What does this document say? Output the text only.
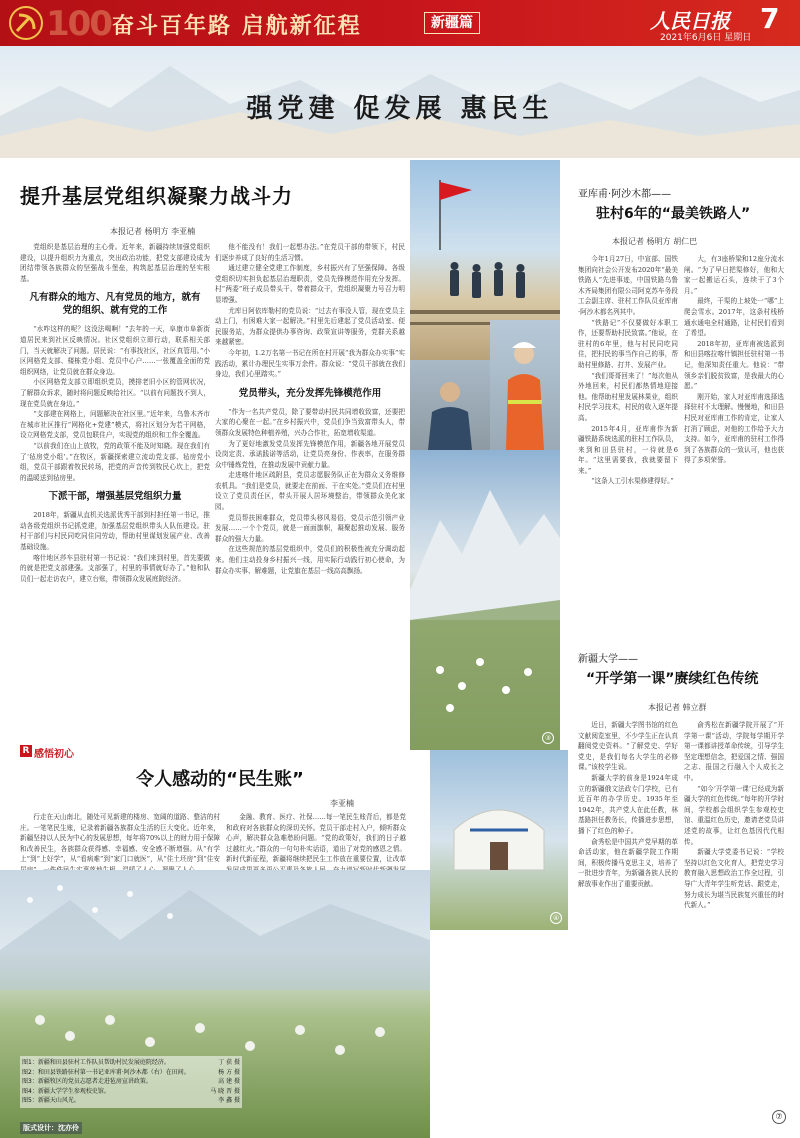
100 奋斗百年路 启航新征程	新疆篇	人民日报 7
2021年6月6日 星期日
强党建 促发展 惠民生
提升基层党组织凝聚力战斗力
本报记者 杨明方 李亚楠

党组织是基层治理的主心骨。近年来，新疆持续加强党组织建设，以提升组织力为重点，突出政治功能，把党支部建设成为团结带领各族群众的坚强战斗堡垒，构筑起基层治理的坚实根基。

凡有群众的地方、凡有党员的地方，就有党的组织、就有党的工作

“水咋这样的呢？这没法喝啊！”去年的一天，阜康市阜新街道居民来到社区反映情况。社区党组织立即行动，联系相关部门，当天就解决了问题。居民说：“有事找社区，社区真管用。”小区网格党支部、楼栋党小组、党员中心户……一张覆盖全面的党组织网络，让党员就在群众身边。

小区网格党支部立即组织党员，摸排老旧小区的管网状况，了解群众诉求，随时将问题反映给社区。“以前有问题找不到人，现在党员就在身边。”

“支部建在网格上，问题解决在社区里。”近年来，乌鲁木齐市在城市社区推行“网格化+党建”模式，将社区划分为若干网格，设立网格党支部，党员包联住户，实现党的组织和工作全覆盖。

“以前我们在山上放牧，党的政策不能及时知晓。现在我们有了‘毡房党小组’。”在牧区，新疆探索建立流动党支部、毡房党小组，党员干部跟着牧民转场，把党的声音传到牧民心坎上，把党的温暖送到毡房里。

下派干部，增强基层党组织力量

2018年，新疆从直机关选派优秀干部到村担任第一书记，推动各级党组织书记抓党建，加强基层党组织带头人队伍建设。驻村干部们与村民同吃同住同劳动，帮助村里谋划发展产业、改善基础设施。

喀什地区莎车县驻村第一书记说：“我们来到村里，首先要做的就是把党支部建强。支部强了，村里的事情就好办了。”他和队员们一起走访农户，建立台账，带领群众发展庭院经济。

他不能没有！我们一起想办法。”在党员干部的带领下，村民们逐步养成了良好的生活习惯。

通过建立健全党建工作制度，乡村振兴有了坚强保障。各级党组织切实担负起基层治理职责，党员先锋模范作用充分发挥。村“两委”班子成员带头干、带着群众干，党组织凝聚力号召力明显增强。

尤库日阿依库勒村的党员说：“过去有事没人管，现在党员主动上门，有困难大家一起解决。”村里先后建起了党员活动室、便民服务站，为群众提供办事咨询、政策宣讲等服务，党群关系越来越紧密。

今年初，1.2万名第一书记在所在村开展“我为群众办实事”实践活动，累计办理民生实事万余件。群众说：“党员干部就在我们身边，我们心里踏实。”

党员带头，充分发挥先锋模范作用

“作为一名共产党员，除了要带动村民共同增收致富，还要把大家的心聚在一起。”在乡村振兴中，党员们争当致富带头人，带领群众发展特色种植养殖，兴办合作社，拓宽增收渠道。

为了更好地激发党员发挥先锋模范作用，新疆各地开展党员设岗定责、承诺践诺等活动，让党员亮身份、作表率，在服务群众中锤炼党性，在推动发展中贡献力量。

走进喀什地区疏附县，党员志愿服务队正在为群众义务维修农机具。“我们是党员，就要走在前面、干在实处。”党员们在村里设立了党员责任区，带头开展人居环境整治，带领群众美化家园。

党员帮扶困难群众，党员带头移风易俗，党员示范引领产业发展……一个个党员，就是一面面旗帜，凝聚起推动发展、服务群众的强大力量。

在这些规范的基层党组织中，党员们的积极性被充分调动起来。他们主动投身乡村振兴一线，用实际行动践行初心使命，为群众办实事、解难题，让党旗在基层一线高高飘扬。

③
亚库甫·阿沙木都——
驻村6年的“最美铁路人”
本报记者 杨明方 胡仁巴

今年1月27日，中宣部、国铁集团向社会公开发布2020年“最美铁路人”先进事迹，中国铁路乌鲁木齐局集团有限公司阿克苏车务段工会副主席、驻村工作队员亚库甫·阿沙木都名列其中。

“铁路记”不仅要做好本职工作，还要帮助村民致富。”他说，在驻村的6年里，他与村民同吃同住，把村民的事当作自己的事，帮助村里修路、打井、发展产业。

“我们哥哥回来了！”每次他从外地回来，村民们都热情地迎接他。他帮助村里发展林果业，组织村民学习技术，村民的收入逐年提高。

2015年4月，亚库甫作为新疆铁路系统选派的驻村工作队员，来到和田县驻村，一待就是6年。“这里需要我，我就要留下来。”

“这条人工引水渠修建得好。”

大，有3座桥梁和12座分流水闸。“为了早日把渠修好，他和大家一起搬运石头，连续干了3个月。”

最终，干渠的上坡处一“哪”上爬会雪水。2017年，这条村栈桥通水通电全村通路，让村民们看到了希望。

2018年初，亚库甫被选派到和田县喀拉喀什镇担任驻村第一书记，他深知责任重大。他说：“带领乡亲们脱贫致富，是我最大的心愿。”

刚开始，家人对亚库甫选择选择驻村不太理解。慢慢地，和田县村民对亚库甫工作的肯定，让家人打消了顾虑，对他的工作给予大力支持。如今，亚库甫的驻村工作得到了各族群众的一致认可，他也获得了多项荣誉。

新疆大学——
“开学第一课”赓续红色传统
本报记者 韩立群

近日，新疆大学图书馆的红色文献阅览室里，不少学生正在认真翻阅党史资料。“了解党史、学好党史，是我们每名大学生的必修课。”该校学生说。

新疆大学的前身是1924年成立的新疆俄文法政专门学校，已有近百年的办学历史。1935年至1942年，共产党人在此任教，林基路担任教务长，传播进步思想，播下了红色的种子。

俞秀松是中国共产党早期的革命活动家，他在新疆学院工作期间，积极传播马克思主义，培养了一批进步青年，为新疆各族人民的解放事业作出了重要贡献。

俞秀松在新疆学院开展了“开学第一课”活动，学院每学期开学第一课都讲授革命传统，引导学生坚定理想信念，把爱国之情、强国之志、报国之行融入个人成长之中。

“如今‘开学第一课’已经成为新疆大学的红色传统。”每年的开学时间，学校都会组织学生参观校史馆、重温红色历史，邀请老党员讲述党的故事，让红色基因代代相传。

新疆大学党委书记说：“学校坚持以红色文化育人，把党史学习教育融入思想政治工作全过程，引导广大青年学生听党话、跟党走，努力成长为堪当民族复兴重任的时代新人。”

R 感悟初心
令人感动的“民生账”
李亚楠

行走在天山南北，随处可见新建的楼房、宽阔的道路、整洁的村庄。一笔笔民生账，记录着新疆各族群众生活的巨大变化。近年来，新疆坚持以人民为中心的发展思想，每年将70%以上的财力用于保障和改善民生，各族群众获得感、幸福感、安全感不断增强。从“有学上”到“上好学”，从“看病难”到“家门口就医”，从“住土坯房”到“住安

金融、教育、医疗、社保……每一笔民生账背后，都是党和政府对各族群众的深切关怀。党员干部走村入户，倾听群众心声，解决群众急难愁盼问题。“党的政策好，我们的日子越过越红火。”群众的一句句朴实话语，道出了对党的感恩之情。新时代新征程，新疆将继续把民生工作放在重要位置，让改革

④
图1：新疆和田县驻村工作队员帮助村民发展庭院经济。	丁 获 摄
图2：和田县铁路驻村第一书记亚库甫·阿沙木都（右）在田间。	杨 方 摄
图3：新疆牧区的党员志愿者走进毡房宣讲政策。	高 建 摄
图4：新疆大学学生参观校史馆。	马 晓 晋 摄
图5：新疆天山风光。	李 鑫 摄
版式设计：沈亦伶
⑦
